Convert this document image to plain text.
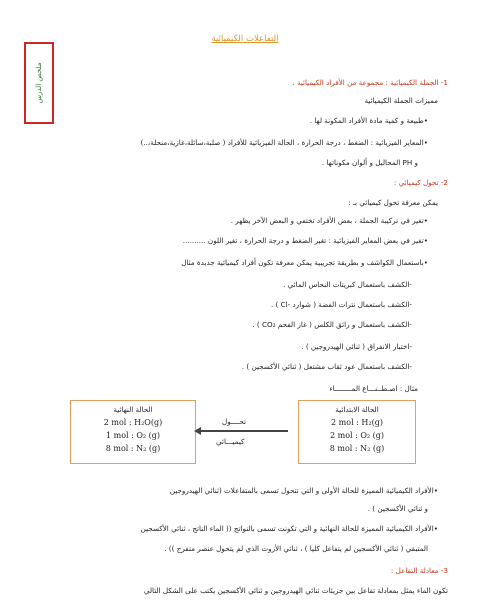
التفاعلات الكيميائية
ملخص الدرس	1- الجملة الكيميائية : مجموعة من الأفراد الكيميائية .
مميزات الجملة الكيميائية
• طبيعة و كمية مادة الأفراد المكونة لها .
• المعاير الفيزيائية : الضغط ، درجة الحرارة ، الحالة الفيزيائية للأفراد ( صلبة،سائلة،غازية،منحلة،..)
و PH المحاليل و ألوان مكوناتها .
2- تحول كيميائي :
يمكن معرفة تحول كيميائي بـ :
• تغير في تركيبة الجملة ، بعض الأفراد تختفي و البعض الآخر يظهر .
• تغير في بعض المعاير الفيزيائية : تغير الضغط و درجة الحرارة ، تغير اللون ..........
• باستعمال الكواشف و بطريقة تجريبية يمكن معرفة تكون أفراد كيميائية جديدة مثال
- الكشف باستعمال كبريتات النحاس المائي .
- الكشف باستعمال نترات الفضة ( شوارد -Cl ) .
- الكشف باستعمال و رائق الكلس ( غاز الفحم CO₂ ) .
- اختبار الانفراق ( ثنائي الهيدروجين ) .
- الكشف باستعمال عود ثقاب مشتعل ( ثنائي الأكسجين ) .
مثال : اصـطــنـــاع المــــــــاء
الحالة النهائية
2 mol : H₂O(g)
1 mol : O₂ (g)
8 mol : N₂ (g)
تحــــول
كيميـــائي
الحالة الابتدائية
2 mol : H₂(g)
2 mol : O₂ (g)
8 mol : N₂ (g)
• الأفراد الكيميائية المميزة للحالة الأولى و التي تتحول تسمى بالمتفاعلات (ثنائي الهيدروجين
و ثنائي الأكسجين ) .
• الأفراد الكيميائية المميزة للحالة النهائية و التي تكونت تسمى بالنواتج (( الماء الناتج ، ثنائي الأكسجين
المتبقي ( ثنائي الأكسجين لم يتفاعل كليا ) ، ثنائي الأزوت الذي لم يتحول عنصر متفرج )) .
3- معادلة التفاعل :
تكون الماء يمثل بمعادلة تفاعل بين جزيئات ثنائي الهيدروجين و ثنائي الأكسجين يكتب على الشكل التالي
